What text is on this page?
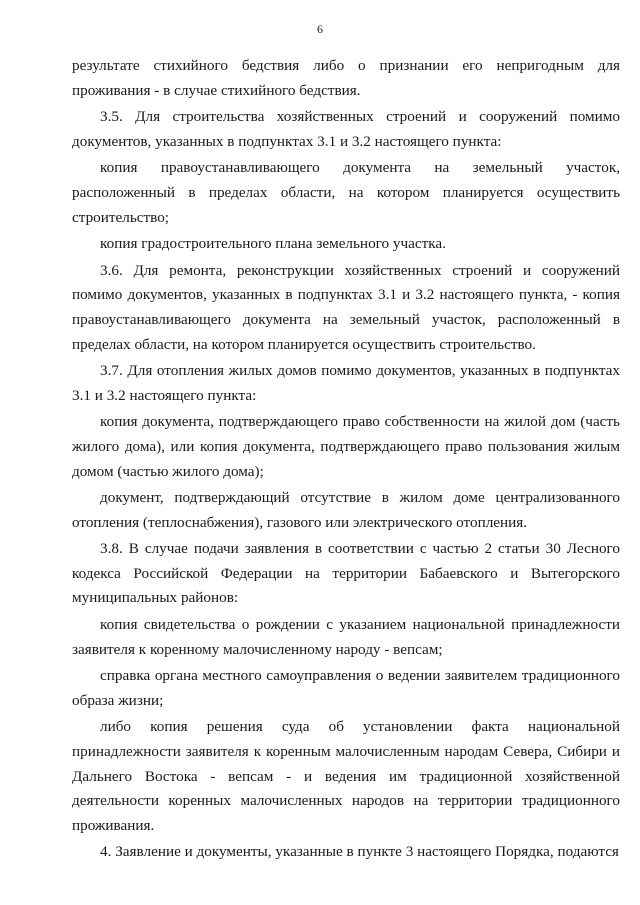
6

результате стихийного бедствия либо о признании его непригодным для проживания - в случае стихийного бедствия.

3.5. Для строительства хозяйственных строений и сооружений помимо документов, указанных в подпунктах 3.1 и 3.2 настоящего пункта:

копия правоустанавливающего документа на земельный участок, расположенный в пределах области, на котором планируется осуществить строительство;

копия градостроительного плана земельного участка.

3.6. Для ремонта, реконструкции хозяйственных строений и сооружений помимо документов, указанных в подпунктах 3.1 и 3.2 настоящего пункта, - копия правоустанавливающего документа на земельный участок, расположенный в пределах области, на котором планируется осуществить строительство.

3.7. Для отопления жилых домов помимо документов, указанных в подпунктах 3.1 и 3.2 настоящего пункта:

копия документа, подтверждающего право собственности на жилой дом (часть жилого дома), или копия документа, подтверждающего право пользования жилым домом (частью жилого дома);

документ, подтверждающий отсутствие в жилом доме централизованного отопления (теплоснабжения), газового или электрического отопления.

3.8. В случае подачи заявления в соответствии с частью 2 статьи 30 Лесного кодекса Российской Федерации на территории Бабаевского и Вытегорского муниципальных районов:

копия свидетельства о рождении с указанием национальной принадлежности заявителя к коренному малочисленному народу - вепсам;

справка органа местного самоуправления о ведении заявителем традиционного образа жизни;

либо копия решения суда об установлении факта национальной принадлежности заявителя к коренным малочисленным народам Севера, Сибири и Дальнего Востока - вепсам - и ведения им традиционной хозяйственной деятельности коренных малочисленных народов на территории традиционного проживания.

4. Заявление и документы, указанные в пункте 3 настоящего Порядка, подаются
